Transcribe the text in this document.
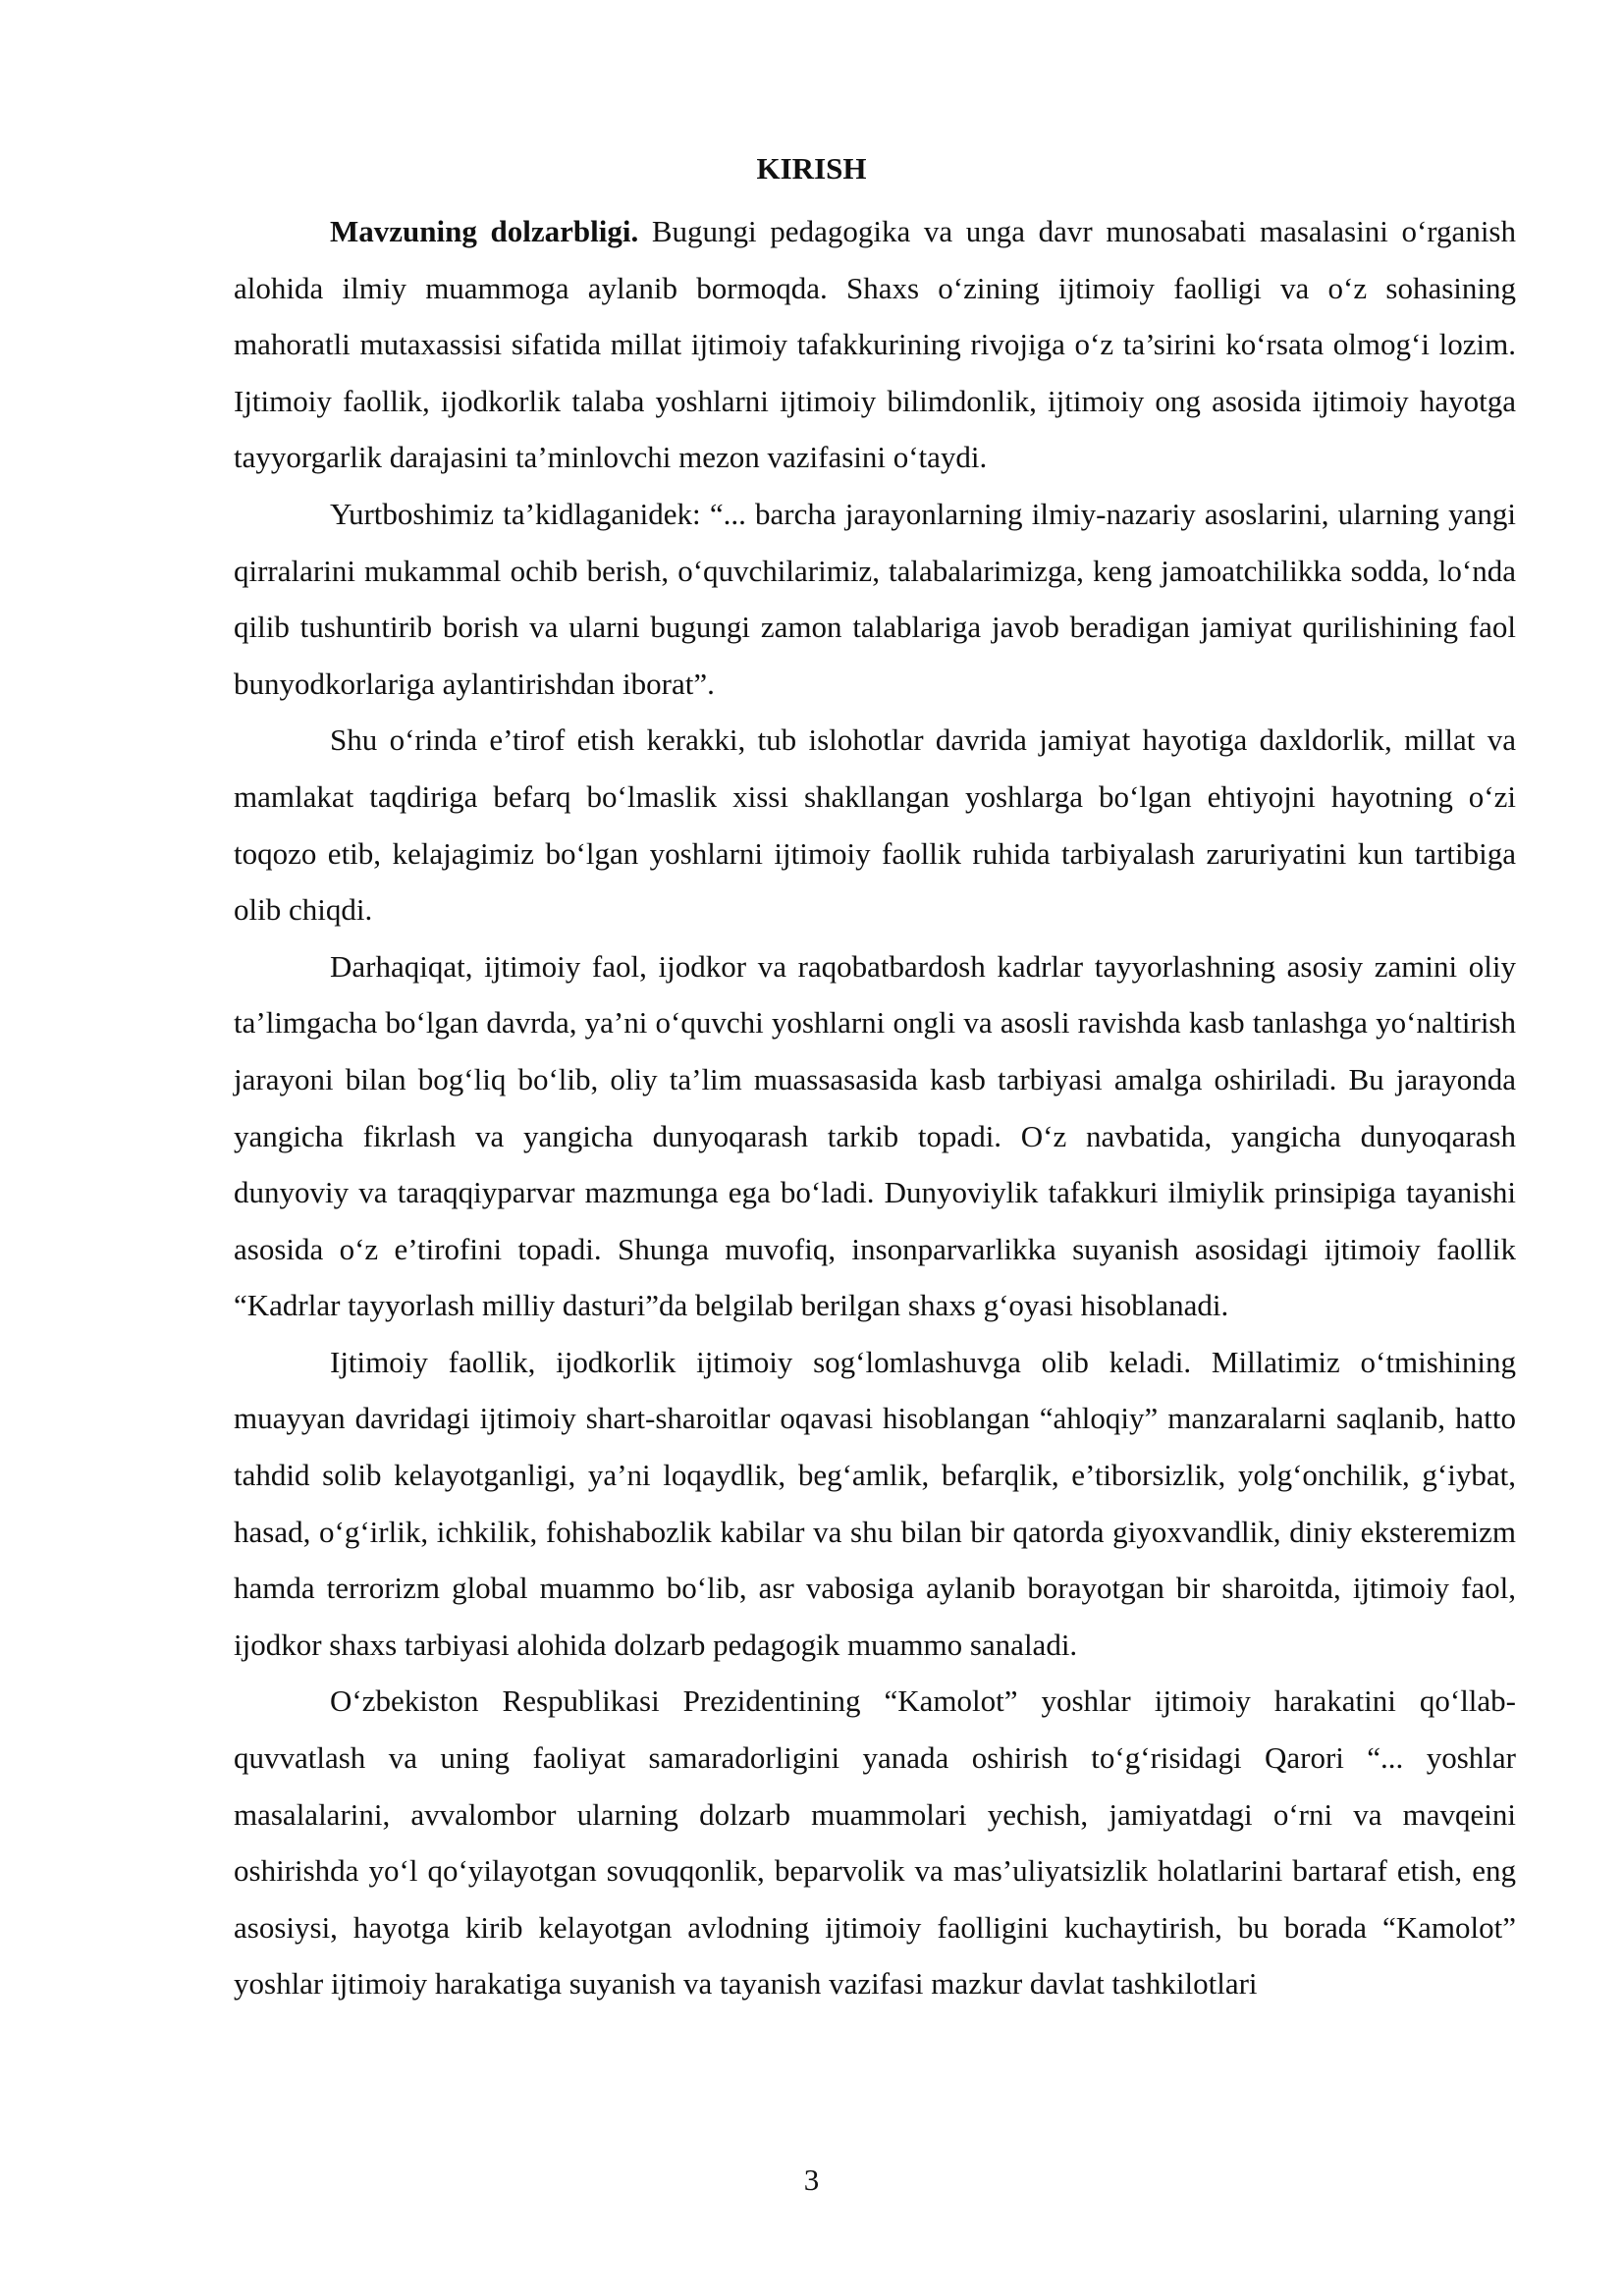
KIRISH

Mavzuning dolzarbligi. Bugungi pedagogika va unga davr munosabati masalasini o‘rganish alohida ilmiy muammoga aylanib bormoqda. Shaxs o‘zining ijtimoiy faolligi va o‘z sohasining mahoratli mutaxassisi sifatida millat ijtimoiy tafakkurining rivojiga o‘z ta’sirini ko‘rsata olmog‘i lozim. Ijtimoiy faollik, ijodkorlik talaba yoshlarni ijtimoiy bilimdonlik, ijtimoiy ong asosida ijtimoiy hayotga tayyorgarlik darajasini ta’minlovchi mezon vazifasini o‘taydi.

Yurtboshimiz ta’kidlaganidek: “... barcha jarayonlarning ilmiy-nazariy asoslarini, ularning yangi qirralarini mukammal ochib berish, o‘quvchilarimiz, talabalarimizga, keng jamoatchilikka sodda, lo‘nda qilib tushuntirib borish va ularni bugungi zamon talablariga javob beradigan jamiyat qurilishining faol bunyodkorlariga aylantirishdan iborat”.

Shu o‘rinda e’tirof etish kerakki, tub islohotlar davrida jamiyat hayotiga daxldorlik, millat va mamlakat taqdiriga befarq bo‘lmaslik xissi shakllangan yoshlarga bo‘lgan ehtiyojni hayotning o‘zi toqozo etib, kelajagimiz bo‘lgan yoshlarni ijtimoiy faollik ruhida tarbiyalash zaruriyatini kun tartibiga olib chiqdi.

Darhaqiqat, ijtimoiy faol, ijodkor va raqobatbardosh kadrlar tayyorlashning asosiy zamini oliy ta’limgacha bo‘lgan davrda, ya’ni o‘quvchi yoshlarni ongli va asosli ravishda kasb tanlashga yo‘naltirish jarayoni bilan bog‘liq bo‘lib, oliy ta’lim muassasasida kasb tarbiyasi amalga oshiriladi. Bu jarayonda yangicha fikrlash va yangicha dunyoqarash tarkib topadi. O‘z navbatida, yangicha dunyoqarash dunyoviy va taraqqiyparvar mazmunga ega bo‘ladi. Dunyoviylik tafakkuri ilmiylik prinsipiga tayanishi asosida o‘z e’tirofini topadi. Shunga muvofiq, insonparvarlikka suyanish asosidagi ijtimoiy faollik “Kadrlar tayyorlash milliy dasturi”da belgilab berilgan shaxs g‘oyasi hisoblanadi.

Ijtimoiy faollik, ijodkorlik ijtimoiy sog‘lomlashuvga olib keladi. Millatimiz o‘tmishining muayyan davridagi ijtimoiy shart-sharoitlar oqavasi hisoblangan “ahloqiy” manzaralarni saqlanib, hatto tahdid solib kelayotganligi, ya’ni loqaydlik, beg‘amlik, befarqlik, e’tiborsizlik, yolg‘onchilik, g‘iybat, hasad, o‘g‘irlik, ichkilik, fohishabozlik kabilar va shu bilan bir qatorda giyoxvandlik, diniy eksteremizm hamda terrorizm global muammo bo‘lib, asr vabosiga aylanib borayotgan bir sharoitda, ijtimoiy faol, ijodkor shaxs tarbiyasi alohida dolzarb pedagogik muammo sanaladi.

O‘zbekiston Respublikasi Prezidentining “Kamolot” yoshlar ijtimoiy harakatini qo‘llab-quvvatlash va uning faoliyat samaradorligini yanada oshirish to‘g‘risidagi Qarori “... yoshlar masalalarini, avvalombor ularning dolzarb muammolari yechish, jamiyatdagi o‘rni va mavqeini oshirishda yo‘l qo‘yilayotgan sovuqqonlik, beparvolik va mas’uliyatsizlik holatlarini bartaraf etish, eng asosiysi, hayotga kirib kelayotgan avlodning ijtimoiy faolligini kuchaytirish, bu borada “Kamolot” yoshlar ijtimoiy harakatiga suyanish va tayanish vazifasi mazkur davlat tashkilotlari

3
